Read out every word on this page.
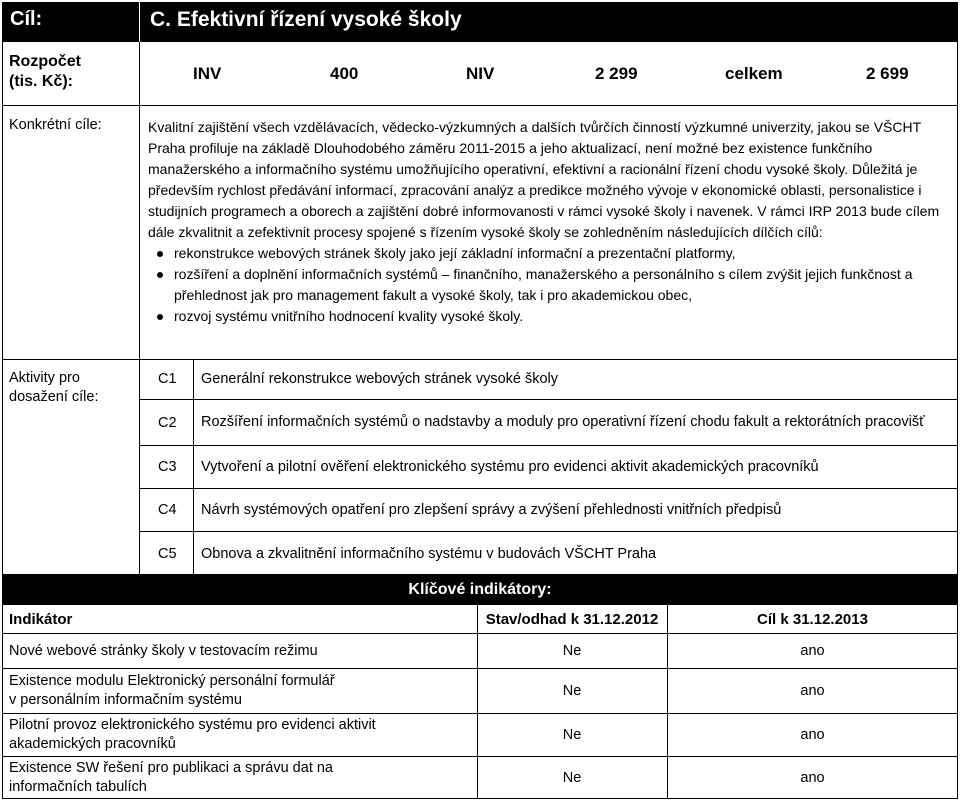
Cíl:	C. Efektivní řízení vysoké školy
Rozpočet
(tis. Kč):	INV	400	NIV	2 299	celkem	2 699
Konkrétní cíle:	Kvalitní zajištění všech vzdělávacích, vědecko-výzkumných a dalších tvůrčích činností výzkumné univerzity, jakou se VŠCHT Praha profiluje na základě Dlouhodobého záměru 2011-2015 a jeho aktualizací, není možné bez existence funkčního manažerského a informačního systému umožňujícího operativní, efektivní a racionální řízení chodu vysoké školy. Důležitá je především rychlost předávání informací, zpracování analýz a predikce možného vývoje v ekonomické oblasti, personalistice i studijních programech a oborech a zajištění dobré informovanosti v rámci vysoké školy i navenek. V rámci IRP 2013 bude cílem dále zkvalitnit a zefektivnit procesy spojené s řízením vysoké školy se zohledněním následujících dílčích cílů:
rekonstrukce webových stránek školy jako její základní informační a prezentační platformy,
rozšíření a doplnění informačních systémů – finančního, manažerského a personálního s cílem zvýšit jejich funkčnost a přehlednost jak pro management fakult a vysoké školy, tak i pro akademickou obec,
rozvoj systému vnitřního hodnocení kvality vysoké školy.
Aktivity pro
dosažení cíle:
C1 Generální rekonstrukce webových stránek vysoké školy
C2 Rozšíření informačních systémů o nadstavby a moduly pro operativní řízení chodu fakult a rektorátních pracovišť
C3 Vytvoření a pilotní ověření elektronického systému pro evidenci aktivit akademických pracovníků
C4 Návrh systémových opatření pro zlepšení správy a zvýšení přehlednosti vnitřních předpisů
C5 Obnova a zkvalitnění informačního systému v budovách VŠCHT Praha
Klíčové indikátory:
Indikátor	Stav/odhad k 31.12.2012	Cíl k 31.12.2013
Nové webové stránky školy v testovacím režimu	Ne	ano
Existence modulu Elektronický personální formulář
v personálním informačním systému
Ne	ano
Pilotní provoz elektronického systému pro evidenci aktivit
akademických pracovníků
Ne	ano
Existence SW řešení pro publikaci a správu dat na
informačních tabulích
Ne	ano
